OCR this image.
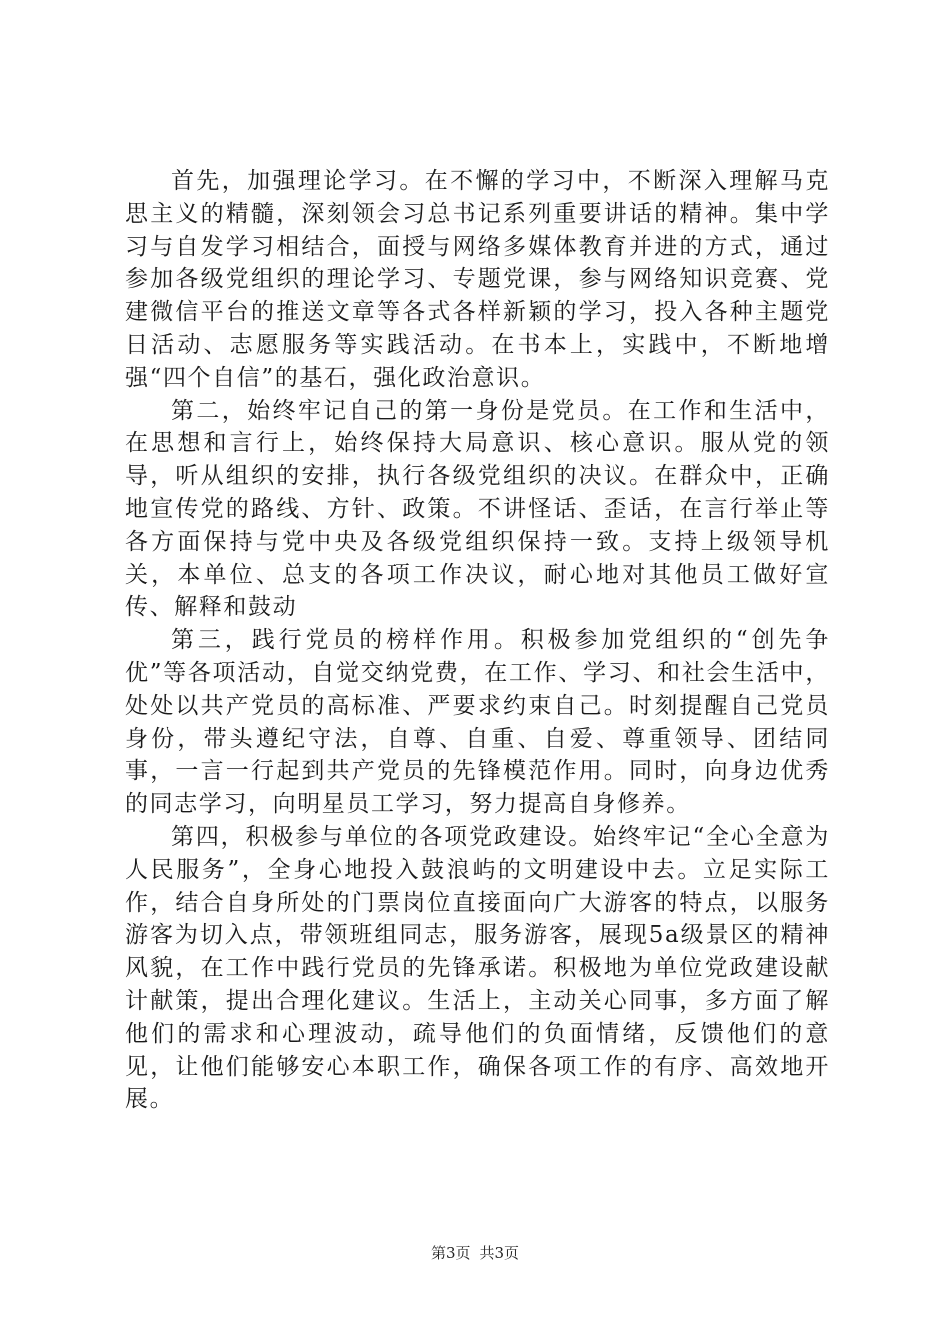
首先，加强理论学习。在不懈的学习中，不断深入理解马克思主义的精髓，深刻领会习总书记系列重要讲话的精神。集中学习与自发学习相结合，面授与网络多媒体教育并进的方式，通过参加各级党组织的理论学习、专题党课，参与网络知识竞赛、党建微信平台的推送文章等各式各样新颖的学习，投入各种主题党日活动、志愿服务等实践活动。在书本上，实践中，不断地增强“四个自信”的基石，强化政治意识。

第二，始终牢记自己的第一身份是党员。在工作和生活中，在思想和言行上，始终保持大局意识、核心意识。服从党的领导，听从组织的安排，执行各级党组织的决议。在群众中，正确地宣传党的路线、方针、政策。不讲怪话、歪话，在言行举止等各方面保持与党中央及各级党组织保持一致。支持上级领导机关，本单位、总支的各项工作决议，耐心地对其他员工做好宣传、解释和鼓动

第三，践行党员的榜样作用。积极参加党组织的“创先争优”等各项活动，自觉交纳党费，在工作、学习、和社会生活中，处处以共产党员的高标准、严要求约束自己。时刻提醒自己党员身份，带头遵纪守法，自尊、自重、自爱、尊重领导、团结同事，一言一行起到共产党员的先锋模范作用。同时，向身边优秀的同志学习，向明星员工学习，努力提高自身修养。

第四，积极参与单位的各项党政建设。始终牢记“全心全意为人民服务”，全身心地投入鼓浪屿的文明建设中去。立足实际工作，结合自身所处的门票岗位直接面向广大游客的特点，以服务游客为切入点，带领班组同志，服务游客，展现5a级景区的精神风貌，在工作中践行党员的先锋承诺。积极地为单位党政建设献计献策，提出合理化建议。生活上，主动关心同事，多方面了解他们的需求和心理波动，疏导他们的负面情绪，反馈他们的意见，让他们能够安心本职工作，确保各项工作的有序、高效地开展。

第3页 共3页
